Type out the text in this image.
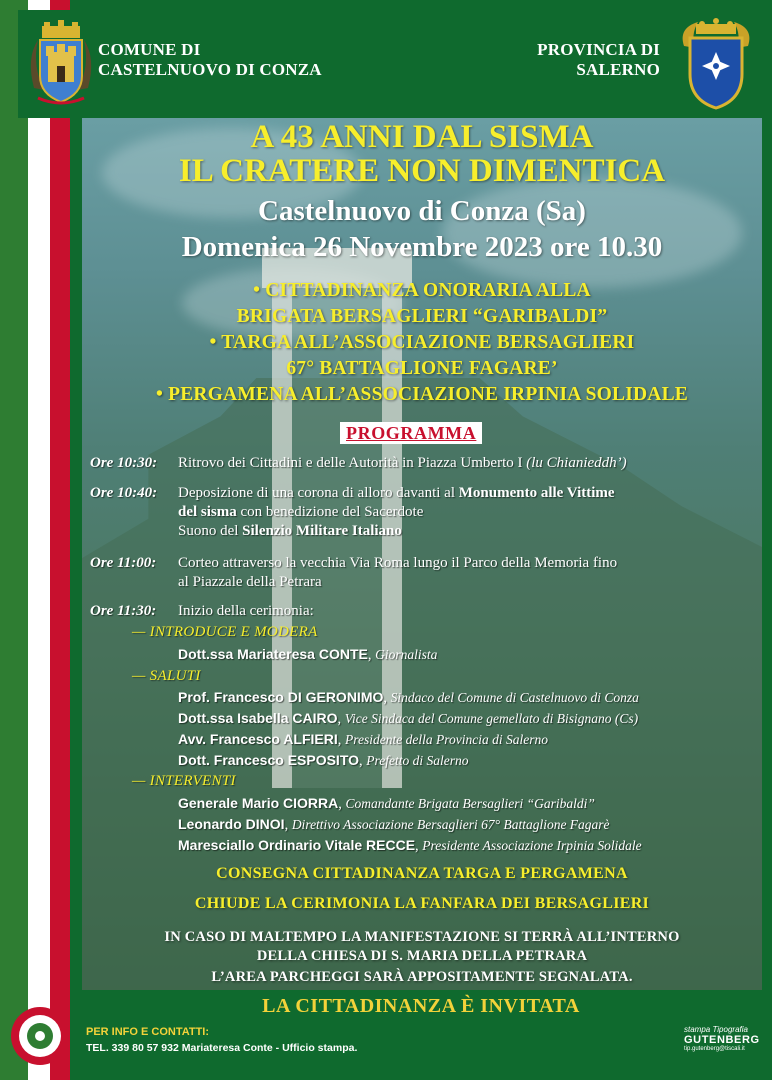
COMUNE DI
CASTELNUOVO DI CONZA
PROVINCIA DI
SALERNO
A 43 ANNI DAL SISMA
IL CRATERE NON DIMENTICA
Castelnuovo di Conza (Sa)
Domenica 26 Novembre 2023 ore 10.30
• CITTADINANZA ONORARIA ALLA
BRIGATA BERSAGLIERI “GARIBALDI”
• TARGA ALL’ASSOCIAZIONE BERSAGLIERI
67° BATTAGLIONE FAGARE’
• PERGAMENA ALL’ASSOCIAZIONE IRPINIA SOLIDALE
PROGRAMMA
Ore 10:30: Ritrovo dei Cittadini e delle Autorità in Piazza Umberto I (lu Chianieddh’)
Ore 10:40: Deposizione di una corona di alloro davanti al Monumento alle Vittime
del sisma con benedizione del Sacerdote
Suono del Silenzio Militare Italiano
Ore 11:00: Corteo attraverso la vecchia Via Roma lungo il Parco della Memoria fino
al Piazzale della Petrara
Ore 11:30: Inizio della cerimonia:
— INTRODUCE E MODERA
Dott.ssa Mariateresa CONTE, Giornalista
— SALUTI
Prof. Francesco DI GERONIMO, Sindaco del Comune di Castelnuovo di Conza
Dott.ssa Isabella CAIRO, Vice Sindaca del Comune gemellato di Bisignano (Cs)
Avv. Francesco ALFIERI, Presidente della Provincia di Salerno
Dott. Francesco ESPOSITO, Prefetto di Salerno
— INTERVENTI
Generale Mario CIORRA, Comandante Brigata Bersaglieri “Garibaldi”
Leonardo DINOI, Direttivo Associazione Bersaglieri 67° Battaglione Fagarè
Maresciallo Ordinario Vitale RECCE, Presidente Associazione Irpinia Solidale
CONSEGNA CITTADINANZA TARGA E PERGAMENA
CHIUDE LA CERIMONIA LA FANFARA DEI BERSAGLIERI
IN CASO DI MALTEMPO LA MANIFESTAZIONE SI TERRÀ ALL’INTERNO
DELLA CHIESA DI S. MARIA DELLA PETRARA
L’AREA PARCHEGGI SARÀ APPOSITAMENTE SEGNALATA.
LA CITTADINANZA È INVITATA
PER INFO E CONTATTI:
TEL. 339 80 57 932 Mariateresa Conte - Ufficio stampa.
stampa Tipografia
GUTENBERG
tip.gutenberg@tiscali.it
